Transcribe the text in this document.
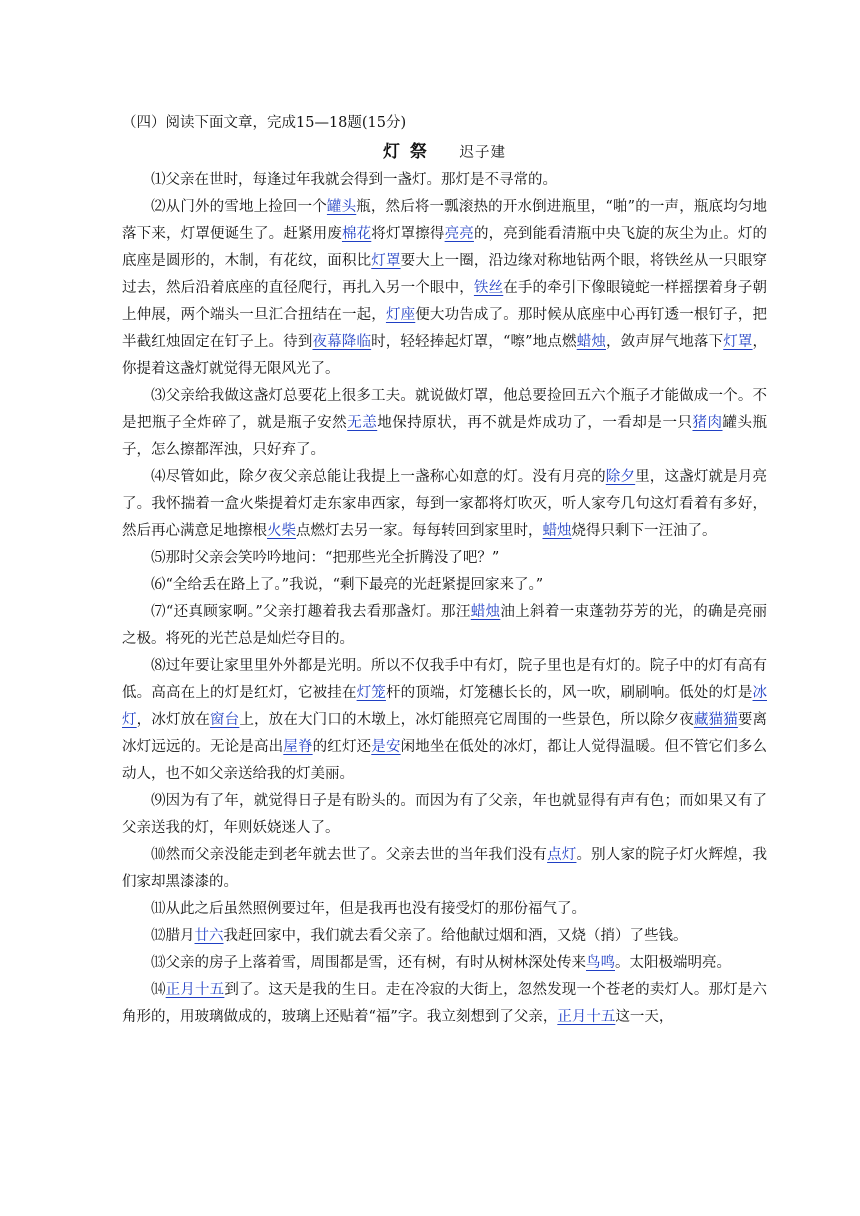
（四）阅读下面文章，完成15—18题(15分)

灯祭 迟子建

⑴父亲在世时，每逢过年我就会得到一盏灯。那灯是不寻常的。

⑵从门外的雪地上捡回一个罐头瓶，然后将一瓢滚热的开水倒进瓶里，“啪”的一声，瓶底均匀地落下来，灯罩便诞生了。赶紧用废棉花将灯罩擦得亮亮的，亮到能看清瓶中央飞旋的灰尘为止。灯的底座是圆形的，木制，有花纹，面积比灯罩要大上一圈，沿边缘对称地钻两个眼，将铁丝从一只眼穿过去，然后沿着底座的直径爬行，再扎入另一个眼中，铁丝在手的牵引下像眼镜蛇一样摇摆着身子朝上伸展，两个端头一旦汇合扭结在一起，灯座便大功告成了。那时候从底座中心再钉透一根钉子，把半截红烛固定在钉子上。待到夜幕降临时，轻轻捧起灯罩，“嚓”地点燃蜡烛，敛声屏气地落下灯罩，你提着这盏灯就觉得无限风光了。

⑶父亲给我做这盏灯总要花上很多工夫。就说做灯罩，他总要捡回五六个瓶子才能做成一个。不是把瓶子全炸碎了，就是瓶子安然无恙地保持原状，再不就是炸成功了，一看却是一只猪肉罐头瓶子，怎么擦都浑浊，只好弃了。

⑷尽管如此，除夕夜父亲总能让我提上一盏称心如意的灯。没有月亮的除夕里，这盏灯就是月亮了。我怀揣着一盒火柴提着灯走东家串西家，每到一家都将灯吹灭，听人家夸几句这灯看着有多好，然后再心满意足地擦根火柴点燃灯去另一家。每每转回到家里时，蜡烛烧得只剩下一汪油了。

⑸那时父亲会笑吟吟地问：“把那些光全折腾没了吧？”

⑹“全给丢在路上了。”我说，“剩下最亮的光赶紧提回家来了。”

⑺“还真顾家啊。”父亲打趣着我去看那盏灯。那汪蜡烛油上斜着一束蓬勃芬芳的光，的确是亮丽之极。将死的光芒总是灿烂夺目的。

⑻过年要让家里里外外都是光明。所以不仅我手中有灯，院子里也是有灯的。院子中的灯有高有低。高高在上的灯是红灯，它被挂在灯笼杆的顶端，灯笼穗长长的，风一吹，刷刷响。低处的灯是冰灯，冰灯放在窗台上，放在大门口的木墩上，冰灯能照亮它周围的一些景色，所以除夕夜藏猫猫要离冰灯远远的。无论是高出屋脊的红灯还是安闲地坐在低处的冰灯，都让人觉得温暖。但不管它们多么动人，也不如父亲送给我的灯美丽。

⑼因为有了年，就觉得日子是有盼头的。而因为有了父亲，年也就显得有声有色；而如果又有了父亲送我的灯，年则妖娆迷人了。

⑽然而父亲没能走到老年就去世了。父亲去世的当年我们没有点灯。别人家的院子灯火辉煌，我们家却黑漆漆的。

⑾从此之后虽然照例要过年，但是我再也没有接受灯的那份福气了。

⑿腊月廿六我赶回家中，我们就去看父亲了。给他献过烟和酒，又烧（捎）了些钱。

⒀父亲的房子上落着雪，周围都是雪，还有树，有时从树林深处传来鸟鸣。太阳极端明亮。

⒁正月十五到了。这天是我的生日。走在冷寂的大街上，忽然发现一个苍老的卖灯人。那灯是六角形的，用玻璃做成的，玻璃上还贴着“福”字。我立刻想到了父亲，正月十五这一天，
